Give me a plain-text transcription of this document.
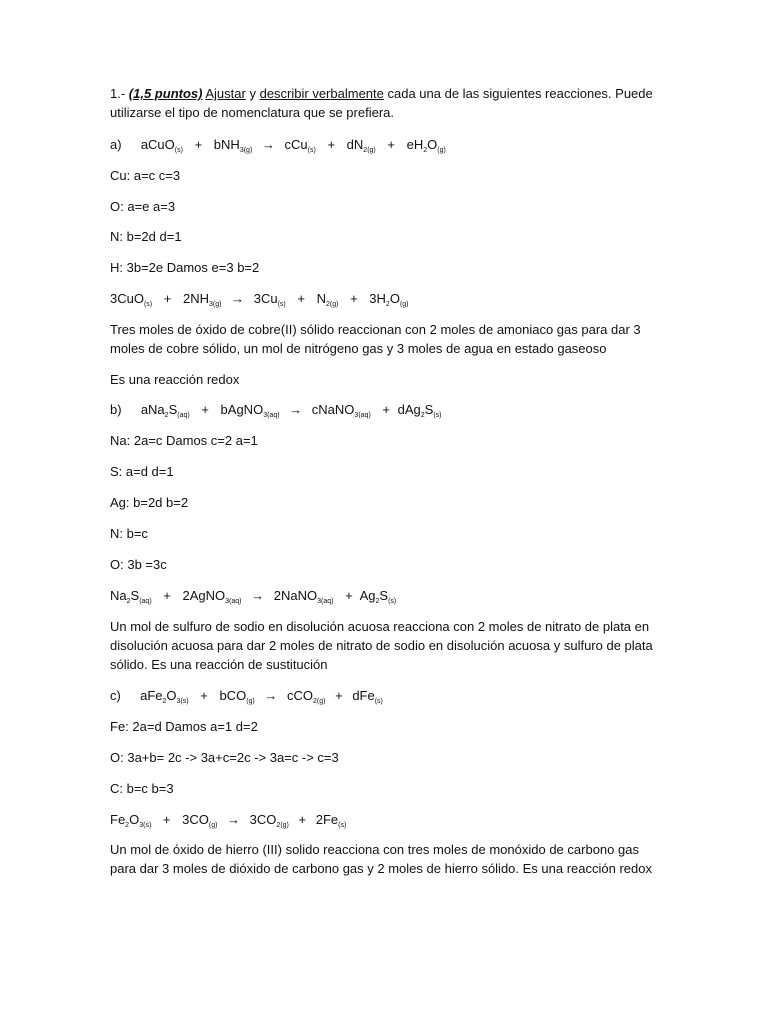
1.- (1,5 puntos) Ajustar y describir verbalmente cada una de las siguientes reacciones. Puede
utilizarse el tipo de nomenclatura que se prefiera.
a) aCuO$_{(s)}$ + $bNH_{3(g)} \to cCu_{(s)} + dN_{2(g)} + eH_2O_{(g)}$
Cu: a=c c=3
O: a=e a=3
N: b=2d d=1
H: 3b=2e Damos e=3 b=2
$3CuO_{(s)} + 2NH_{3(g)} \to 3Cu_{(s)} + N_{2(g)} + 3H_2O_{(g)}$
Tres moles de óxido de cobre(II) sólido reaccionan con 2 moles de amoniaco gas para dar 3
moles de cobre sólido, un mol de nitrógeno gas y 3 moles de agua en estado gaseoso
Es una reacción redox
b) $aNa_2S_{(aq)}$ + bAgNO$_{3(aq)}$ → cNaNO$_{3(aq)}$ + $dAg_2S_{(s)}$
Na: 2a=c Damos c=2 a=1
S: a=d d=1
Ag: b=2d b=2
N: b=c
O: 3b =3c
$Na_2S_{(aq)}$ + 2AgNO$_{3(aq)}$ → 2NaNO$_{3(aq)}$ + $Ag_2S_{(s)}$
Un mol de sulfuro de sodio en disolución acuosa reacciona con 2 moles de nitrato de plata en
disolución acuosa para dar 2 moles de nitrato de sodio en disolución acuosa y sulfuro de plata
sólido. Es una reacción de sustitución
c) $aFe_2O_{3(s)} + bCO_{(g)} \to cCO_{2(g)} + dFe_{(s)}$
Fe: 2a=d Damos a=1 d=2
O: 3a+b= 2c -> 3a+c=2c -> 3a=c -> c=3
C: b=c b=3
$Fe_2O_{3(s)} + 3CO_{(g)} \to 3CO_{2(g)} + 2Fe_{(s)}$
Un mol de óxido de hierro (III) solido reacciona con tres moles de monóxido de carbono gas
para dar 3 moles de dióxido de carbono gas y 2 moles de hierro sólido. Es una reacción redox
